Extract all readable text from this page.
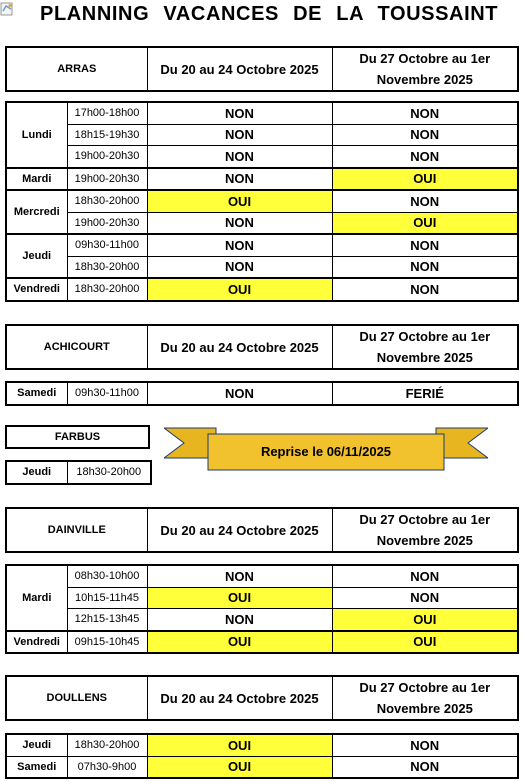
PLANNING VACANCES DE LA TOUSSAINT
ARRAS	Du 20 au 24 Octobre 2025	Du 27 Octobre au 1er Novembre 2025
Lundi	17h00-18h00	NON	NON
	18h15-19h30	NON	NON
	19h00-20h30	NON	NON
Mardi	19h00-20h30	NON	OUI
Mercredi	18h30-20h00	OUI	NON
	19h00-20h30	NON	OUI
Jeudi	09h30-11h00	NON	NON
	18h30-20h00	NON	NON
Vendredi	18h30-20h00	OUI	NON
ACHICOURT	Du 20 au 24 Octobre 2025	Du 27 Octobre au 1er Novembre 2025
Samedi	09h30-11h00	NON	FERIÉ
FARBUS
Jeudi	18h30-20h00
Reprise le 06/11/2025
DAINVILLE	Du 20 au 24 Octobre 2025	Du 27 Octobre au 1er Novembre 2025
Mardi	08h30-10h00	NON	NON
	10h15-11h45	OUI	NON
	12h15-13h45	NON	OUI
Vendredi	09h15-10h45	OUI	OUI
DOULLENS	Du 20 au 24 Octobre 2025	Du 27 Octobre au 1er Novembre 2025
Jeudi	18h30-20h00	OUI	NON
Samedi	07h30-9h00	OUI	NON
